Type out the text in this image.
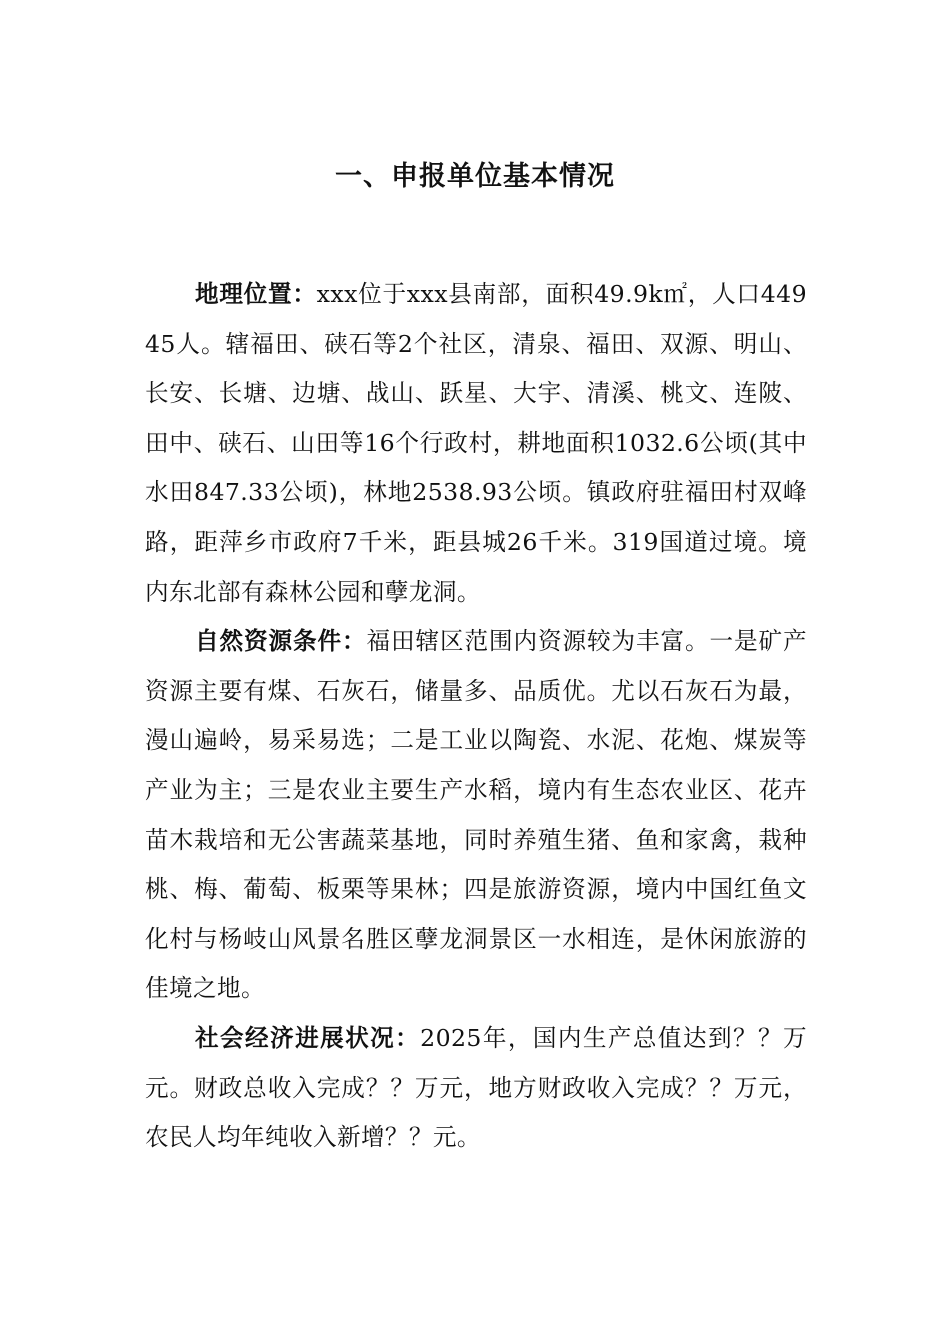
一、申报单位基本情况

地理位置：xxx位于xxx县南部，面积49.9k㎡，人口44945人。辖福田、硖石等2个社区，清泉、福田、双源、明山、长安、长塘、边塘、战山、跃星、大宇、清溪、桃文、连陂、田中、硖石、山田等16个行政村，耕地面积1032.6公顷(其中水田847.33公顷)，林地2538.93公顷。镇政府驻福田村双峰路，距萍乡市政府7千米，距县城26千米。319国道过境。境内东北部有森林公园和孽龙洞。

自然资源条件：福田辖区范围内资源较为丰富。一是矿产资源主要有煤、石灰石，储量多、品质优。尤以石灰石为最，漫山遍岭，易采易选；二是工业以陶瓷、水泥、花炮、煤炭等产业为主；三是农业主要生产水稻，境内有生态农业区、花卉苗木栽培和无公害蔬菜基地，同时养殖生猪、鱼和家禽，栽种桃、梅、葡萄、板栗等果林；四是旅游资源，境内中国红鱼文化村与杨岐山风景名胜区孽龙洞景区一水相连，是休闲旅游的佳境之地。

社会经济进展状况：2025年，国内生产总值达到？？万元。财政总收入完成？？万元，地方财政收入完成？？万元，农民人均年纯收入新增？？元。
